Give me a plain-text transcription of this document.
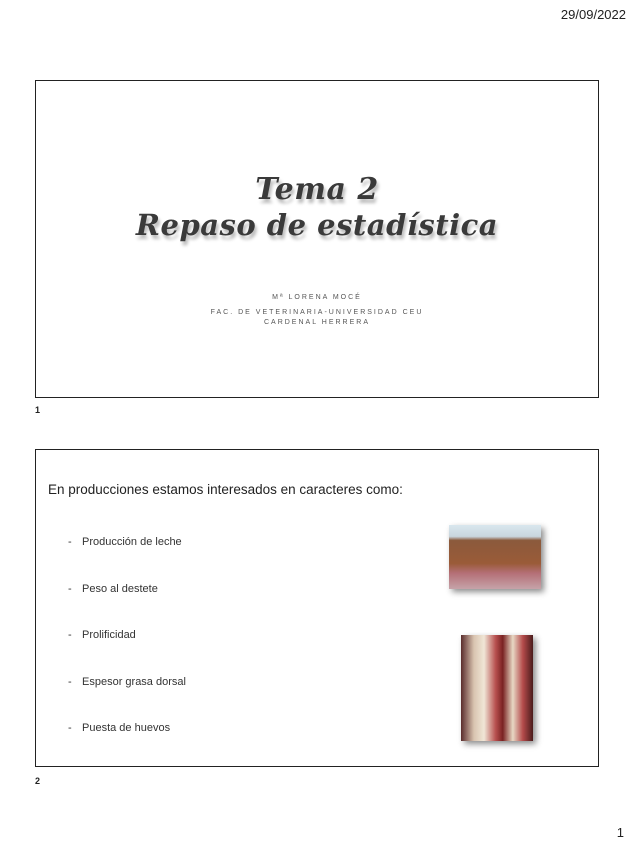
29/09/2022
Tema 2
Repaso de estadística
Mª LORENA MOCÉ
FAC. DE VETERINARIA-UNIVERSIDAD CEU
CARDENAL HERRERA
1
En producciones estamos interesados en caracteres como:
- Producción de leche
- Peso al destete
- Prolificidad
- Espesor grasa dorsal
- Puesta de huevos
2
1
